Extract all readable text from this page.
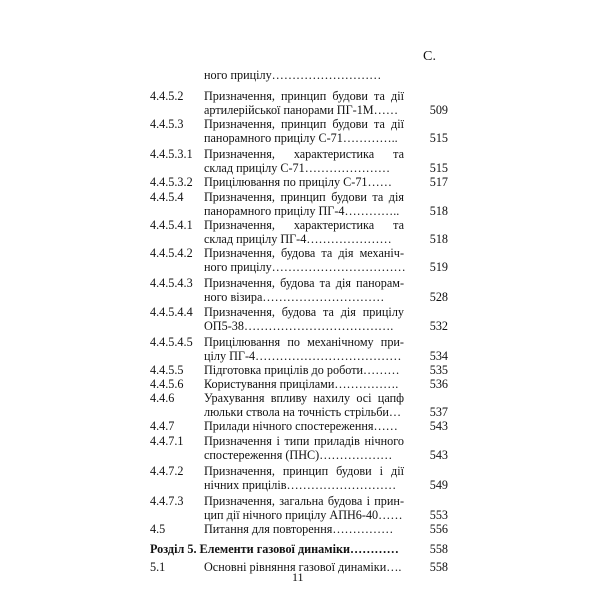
С.
ного прицілу………………………
4.4.5.2 Призначення, принцип будови та дії
артилерійської панорами ПГ-1М……	509
4.4.5.3 Призначення, принцип будови та дії
панорамного прицілу С-71…………..	515
4.4.5.3.1 Призначення, характеристика та
склад прицілу С-71…………………	515
4.4.5.3.2 Прицілювання по прицілу С-71……	517
4.4.5.4 Призначення, принцип будови та дія
панорамного прицілу ПГ-4…………..	518
4.4.5.4.1 Призначення, характеристика та
склад прицілу ПГ-4…………………	518
4.4.5.4.2 Призначення, будова та дія механіч-
ного прицілу……………………………	519
4.4.5.4.3 Призначення, будова та дія панорам-
ного візира…………………………	528
4.4.5.4.4 Призначення, будова та дія прицілу
ОП5-38……………………………….	532
4.4.5.4.5 Прицілювання по механічному при-
цілу ПГ-4………………………………	534
4.4.5.5 Підготовка прицілів до роботи………	535
4.4.5.6 Користування прицілами…………….	536
4.4.6 Урахування впливу нахилу осі цапф
люльки ствола на точність стрільби…	537
4.4.7 Прилади нічного спостереження……	543
4.4.7.1 Призначення і типи приладів нічного
спостереження (ПНС)………………	543
4.4.7.2 Призначення, принцип будови і дії
нічних прицілів………………………	549
4.4.7.3 Призначення, загальна будова і прин-
цип дії нічного прицілу АПН6-40……	553
4.5	Питання для повторення……………	556
Розділ 5. Елементи газової динаміки…………	558
5.1	Основні рівняння газової динаміки….	558
11
